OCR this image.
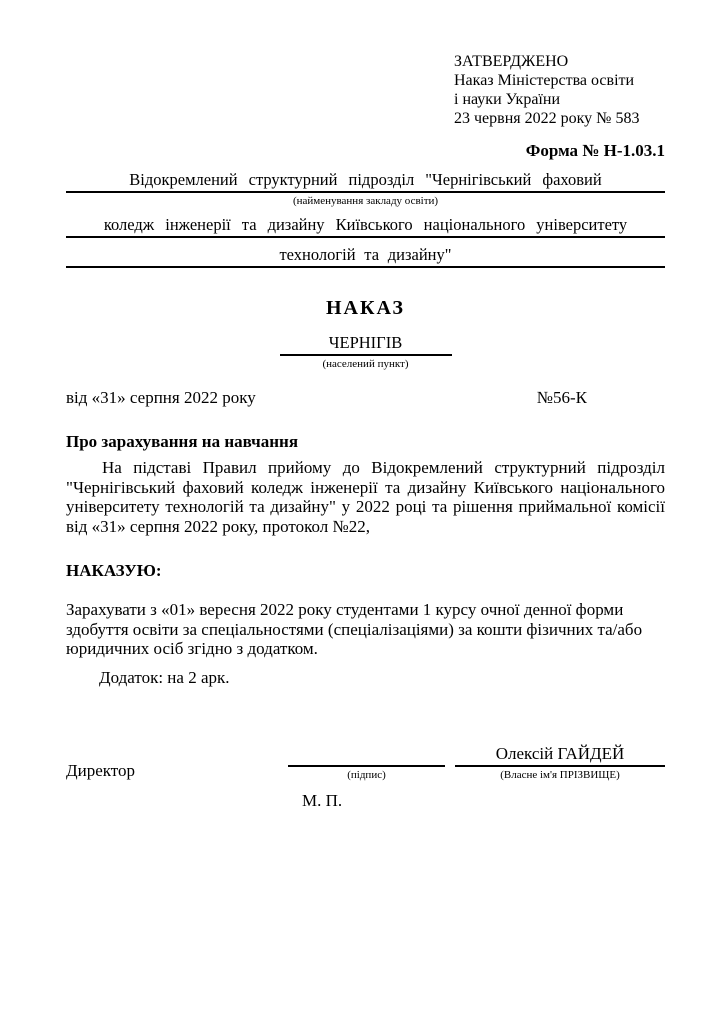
ЗАТВЕРДЖЕНО
Наказ Міністерства освіти
і науки України
23 червня 2022 року № 583
Форма № Н-1.03.1
Відокремлений структурний підрозділ "Чернігівський фаховий
(найменування закладу освіти)
коледж інженерії та дизайну Київського національного університету
технологій та дизайну"
НАКАЗ
ЧЕРНІГІВ
(населений пункт)
від «31» серпня 2022 року	№56-К
Про зарахування на навчання
На підставі Правил прийому до Відокремлений структурний підрозділ "Чернігівський фаховий коледж інженерії та дизайну Київського національного університету технологій та дизайну" у 2022 році та рішення приймальної комісії від «31» серпня 2022 року, протокол №22,
НАКАЗУЮ:
Зарахувати з «01» вересня 2022 року студентами 1 курсу очної денної форми здобуття освіти за спеціальностями (спеціалізаціями) за кошти фізичних та/або юридичних осіб згідно з додатком.
Додаток: на 2 арк.
Директор
	(підпис)
Олексій ГАЙДЕЙ
(Власне ім'я ПРІЗВИЩЕ)
М. П.
